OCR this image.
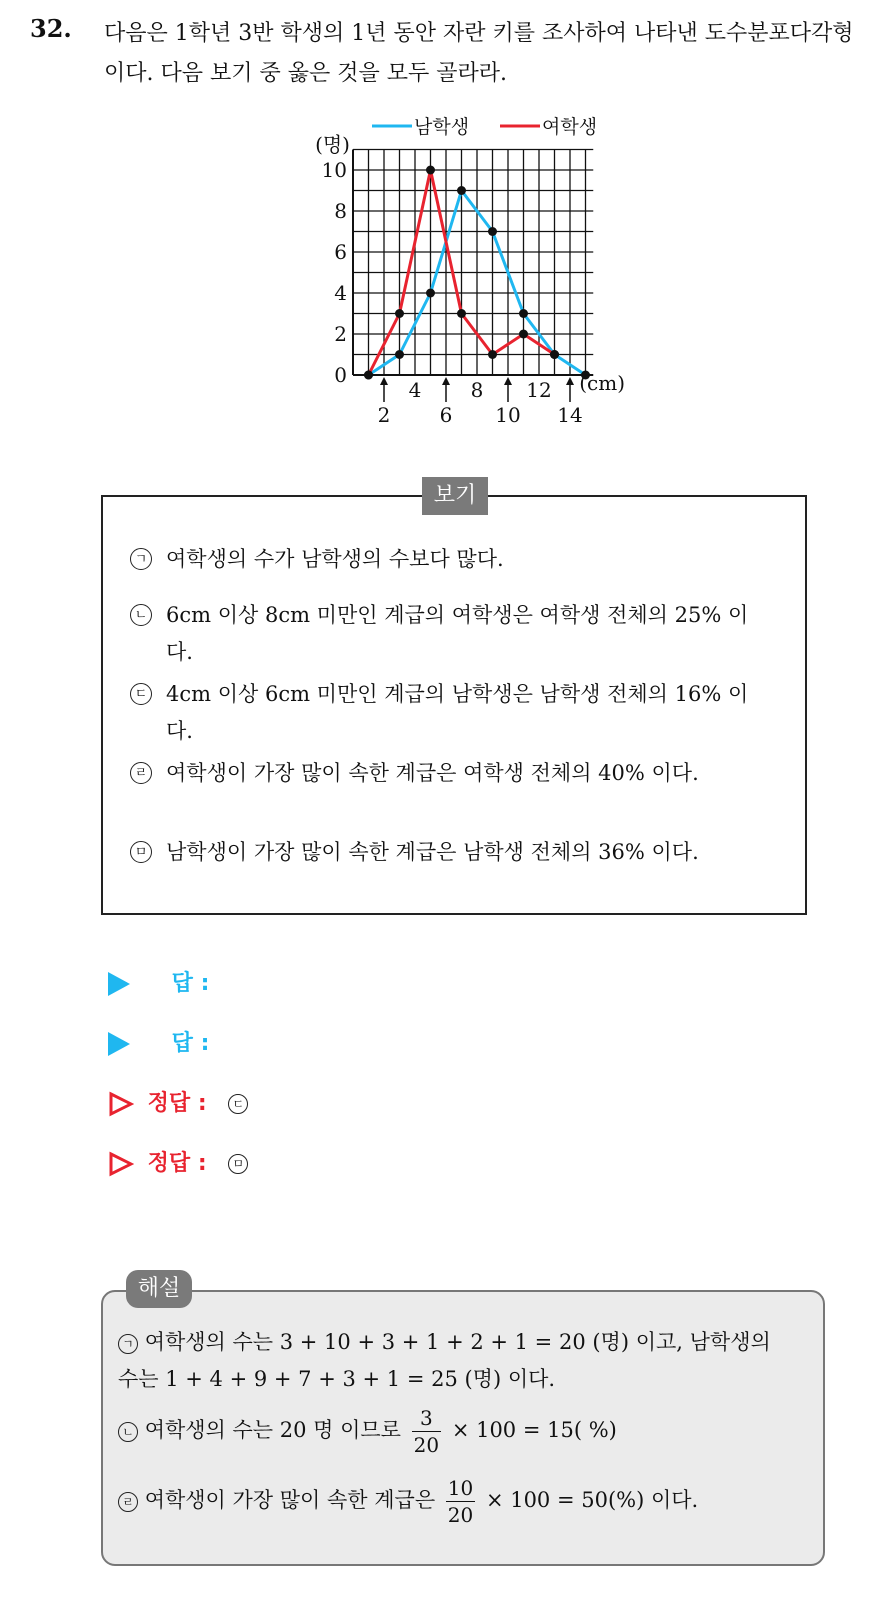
32. 다음은 1학년 3반 학생의 1년 동안 자란 키를 조사하여 나타낸 도수분포다각형이다. 다음 보기 중 옳은 것을 모두 골라라.
10
8
6
4
2
0
(명)
4 8 12
2 6 10 14
(cm)
남학생	여학생
보기
ㄱ 여학생의 수가 남학생의 수보다 많다.
ㄴ 6cm 이상 8cm 미만인 계급의 여학생은 여학생 전체의 25% 이다.
ㄷ 4cm 이상 6cm 미만인 계급의 남학생은 남학생 전체의 16% 이다.
ㄹ 여학생이 가장 많이 속한 계급은 여학생 전체의 40% 이다.
ㅁ 남학생이 가장 많이 속한 계급은 남학생 전체의 36% 이다.
답 :
답 :
정답 : ㄷ
정답 : ㅁ
해설
ㄱ 여학생의 수는 3 + 10 + 3 + 1 + 2 + 1 = 20 (명) 이고, 남학생의
수는 1 + 4 + 9 + 7 + 3 + 1 = 25 (명) 이다.
ㄴ 여학생의 수는 20 명 이므로 $\frac{3}{20} \times 100 = 15$( %)
ㄹ 여학생이 가장 많이 속한 계급은 $\frac{10}{20} \times 100 = 50(\%)$ 이다.
